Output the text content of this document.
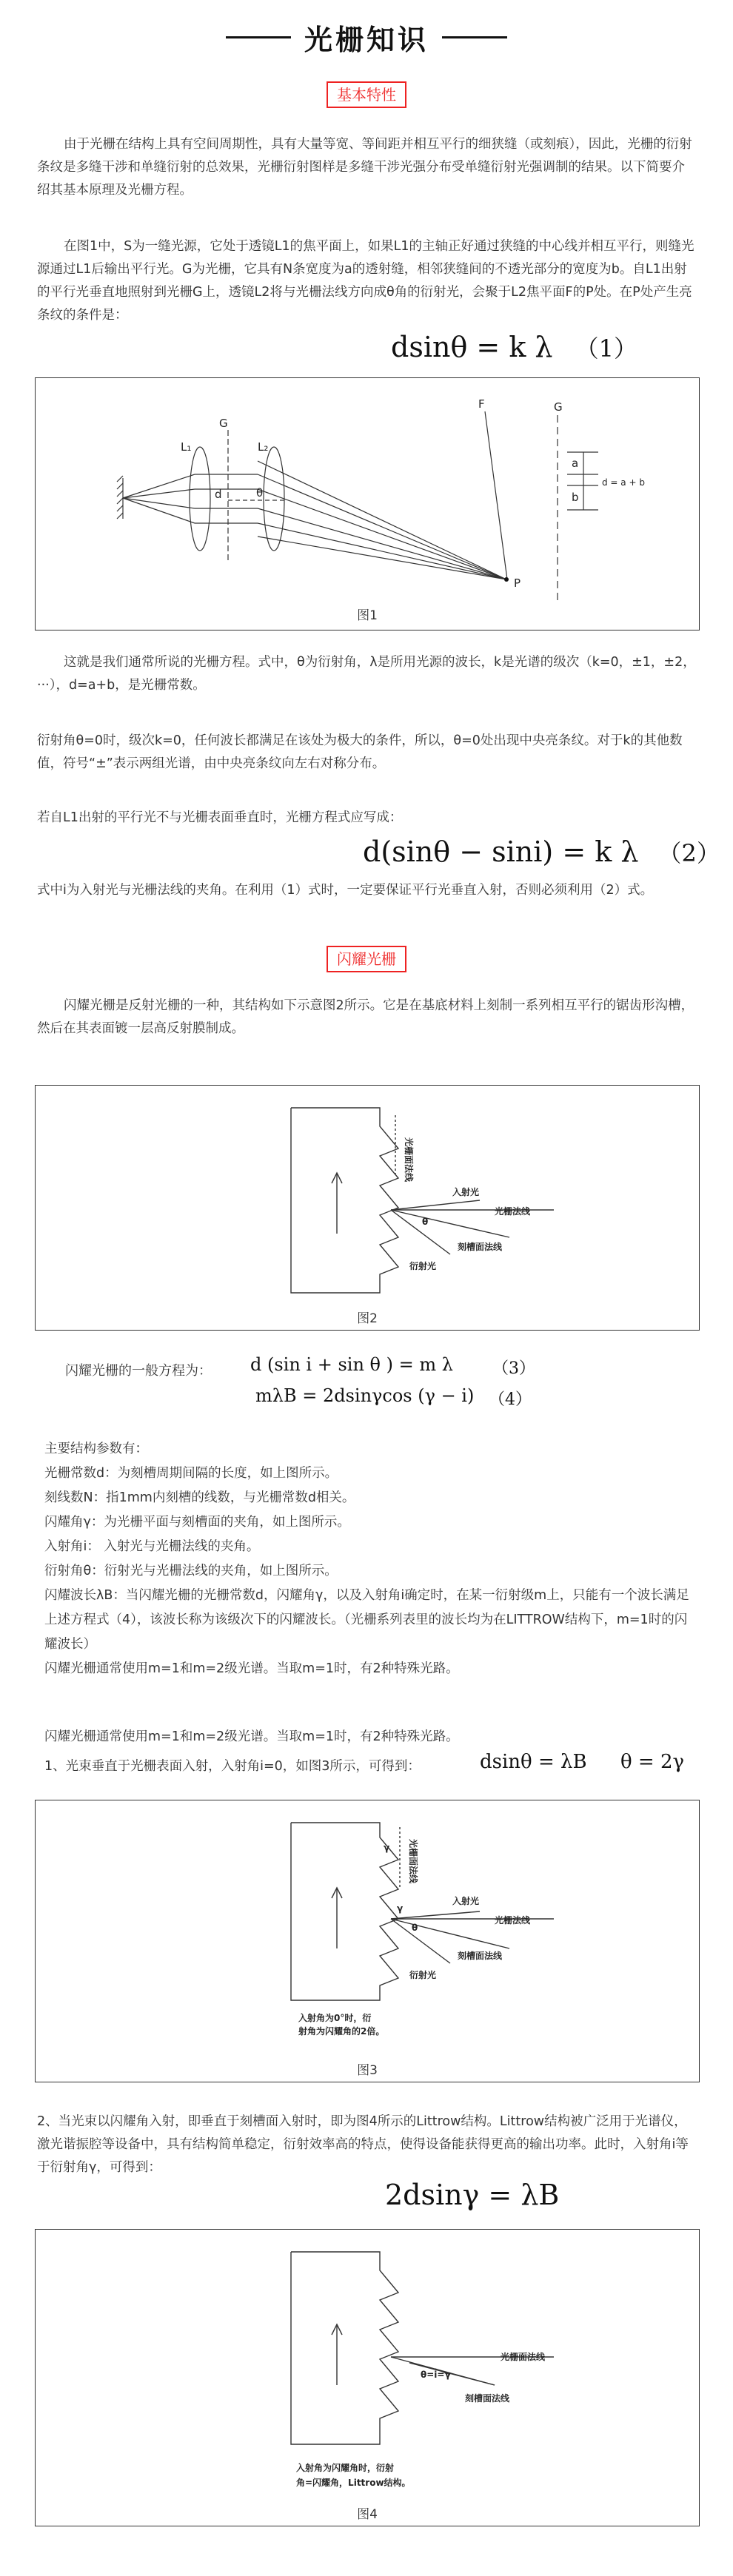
光栅知识
基本特性

由于光栅在结构上具有空间周期性，具有大量等宽、等间距并相互平行的细狭缝（或刻痕），因此，光栅的衍射条纹是多缝干涉和单缝衍射的总效果，光栅衍射图样是多缝干涉光强分布受单缝衍射光强调制的结果。以下简要介绍其基本原理及光栅方程。

在图1中，S为一缝光源，它处于透镜L1的焦平面上，如果L1的主轴正好通过狭缝的中心线并相互平行，则缝光源通过L1后输出平行光。G为光栅，它具有N条宽度为a的透射缝，相邻狭缝间的不透光部分的宽度为b。自L1出射的平行光垂直地照射到光栅G上，透镜L2将与光栅法线方向成θ角的衍射光，会聚于L2焦平面F的P处。在P处产生亮条纹的条件是：

dsinθ = k λ （1）
G
L₁	L₂
F
P
d	θ
G
a
b
d = a + b
图1

这就是我们通常所说的光栅方程。式中，θ为衍射角，λ是所用光源的波长，k是光谱的级次（k=0，±1，±2，···），d=a+b，是光栅常数。

衍射角θ=0时，级次k=0，任何波长都满足在该处为极大的条件，所以，θ=0处出现中央亮条纹。对于k的其他数值，符号“±”表示两组光谱，由中央亮条纹向左右对称分布。

若自L1出射的平行光不与光栅表面垂直时，光栅方程式应写成：

d(sinθ − sini) = k λ （2）

式中i为入射光与光栅法线的夹角。在利用（1）式时，一定要保证平行光垂直入射，否则必须利用（2）式。

闪耀光栅

闪耀光栅是反射光栅的一种，其结构如下示意图2所示。它是在基底材料上刻制一系列相互平行的锯齿形沟槽，然后在其表面镀一层高反射膜制成。

光栅面法线
入射光
光栅法线
θ
刻槽面法线
衍射光
图2
闪耀光栅的一般方程为： d (sin i + sin θ ) = m λ （3）
mλB = 2dsinγcos (γ − i) （4）

主要结构参数有：

光栅常数d：为刻槽周期间隔的长度，如上图所示。

刻线数N：指1mm内刻槽的线数，与光栅常数d相关。

闪耀角γ：为光栅平面与刻槽面的夹角，如上图所示。

入射角i： 入射光与光栅法线的夹角。

衍射角θ：衍射光与光栅法线的夹角，如上图所示。

闪耀波长λB：当闪耀光栅的光栅常数d，闪耀角γ，以及入射角i确定时，在某一衍射级m上，只能有一个波长满足上述方程式（4），该波长称为该级次下的闪耀波长。（光栅系列表里的波长均为在LITTROW结构下，m=1时的闪耀波长）

闪耀光栅通常使用m=1和m=2级光谱。当取m=1时，有2种特殊光路。

闪耀光栅通常使用m=1和m=2级光谱。当取m=1时，有2种特殊光路。
1、光束垂直于光栅表面入射，入射角i=0，如图3所示，可得到：	dsinθ = λB θ = 2γ
光栅面法线
γ
入射光
光栅法线
γ
θ
刻槽面法线
衍射光
入射角为0°时，衍
射角为闪耀角的2倍。
图3
2、当光束以闪耀角入射，即垂直于刻槽面入射时，即为图4所示的Littrow结构。Littrow结构被广泛用于光谱仪，激光谐振腔等设备中，具有结构简单稳定，衍射效率高的特点，使得设备能获得更高的输出功率。此时，入射角i等于衍射角γ，可得到：
2dsinγ = λB
光栅面法线
θ=i=γ
刻槽面法线
入射角为闪耀角时，衍射
角=闪耀角，Littrow结构。
图4
